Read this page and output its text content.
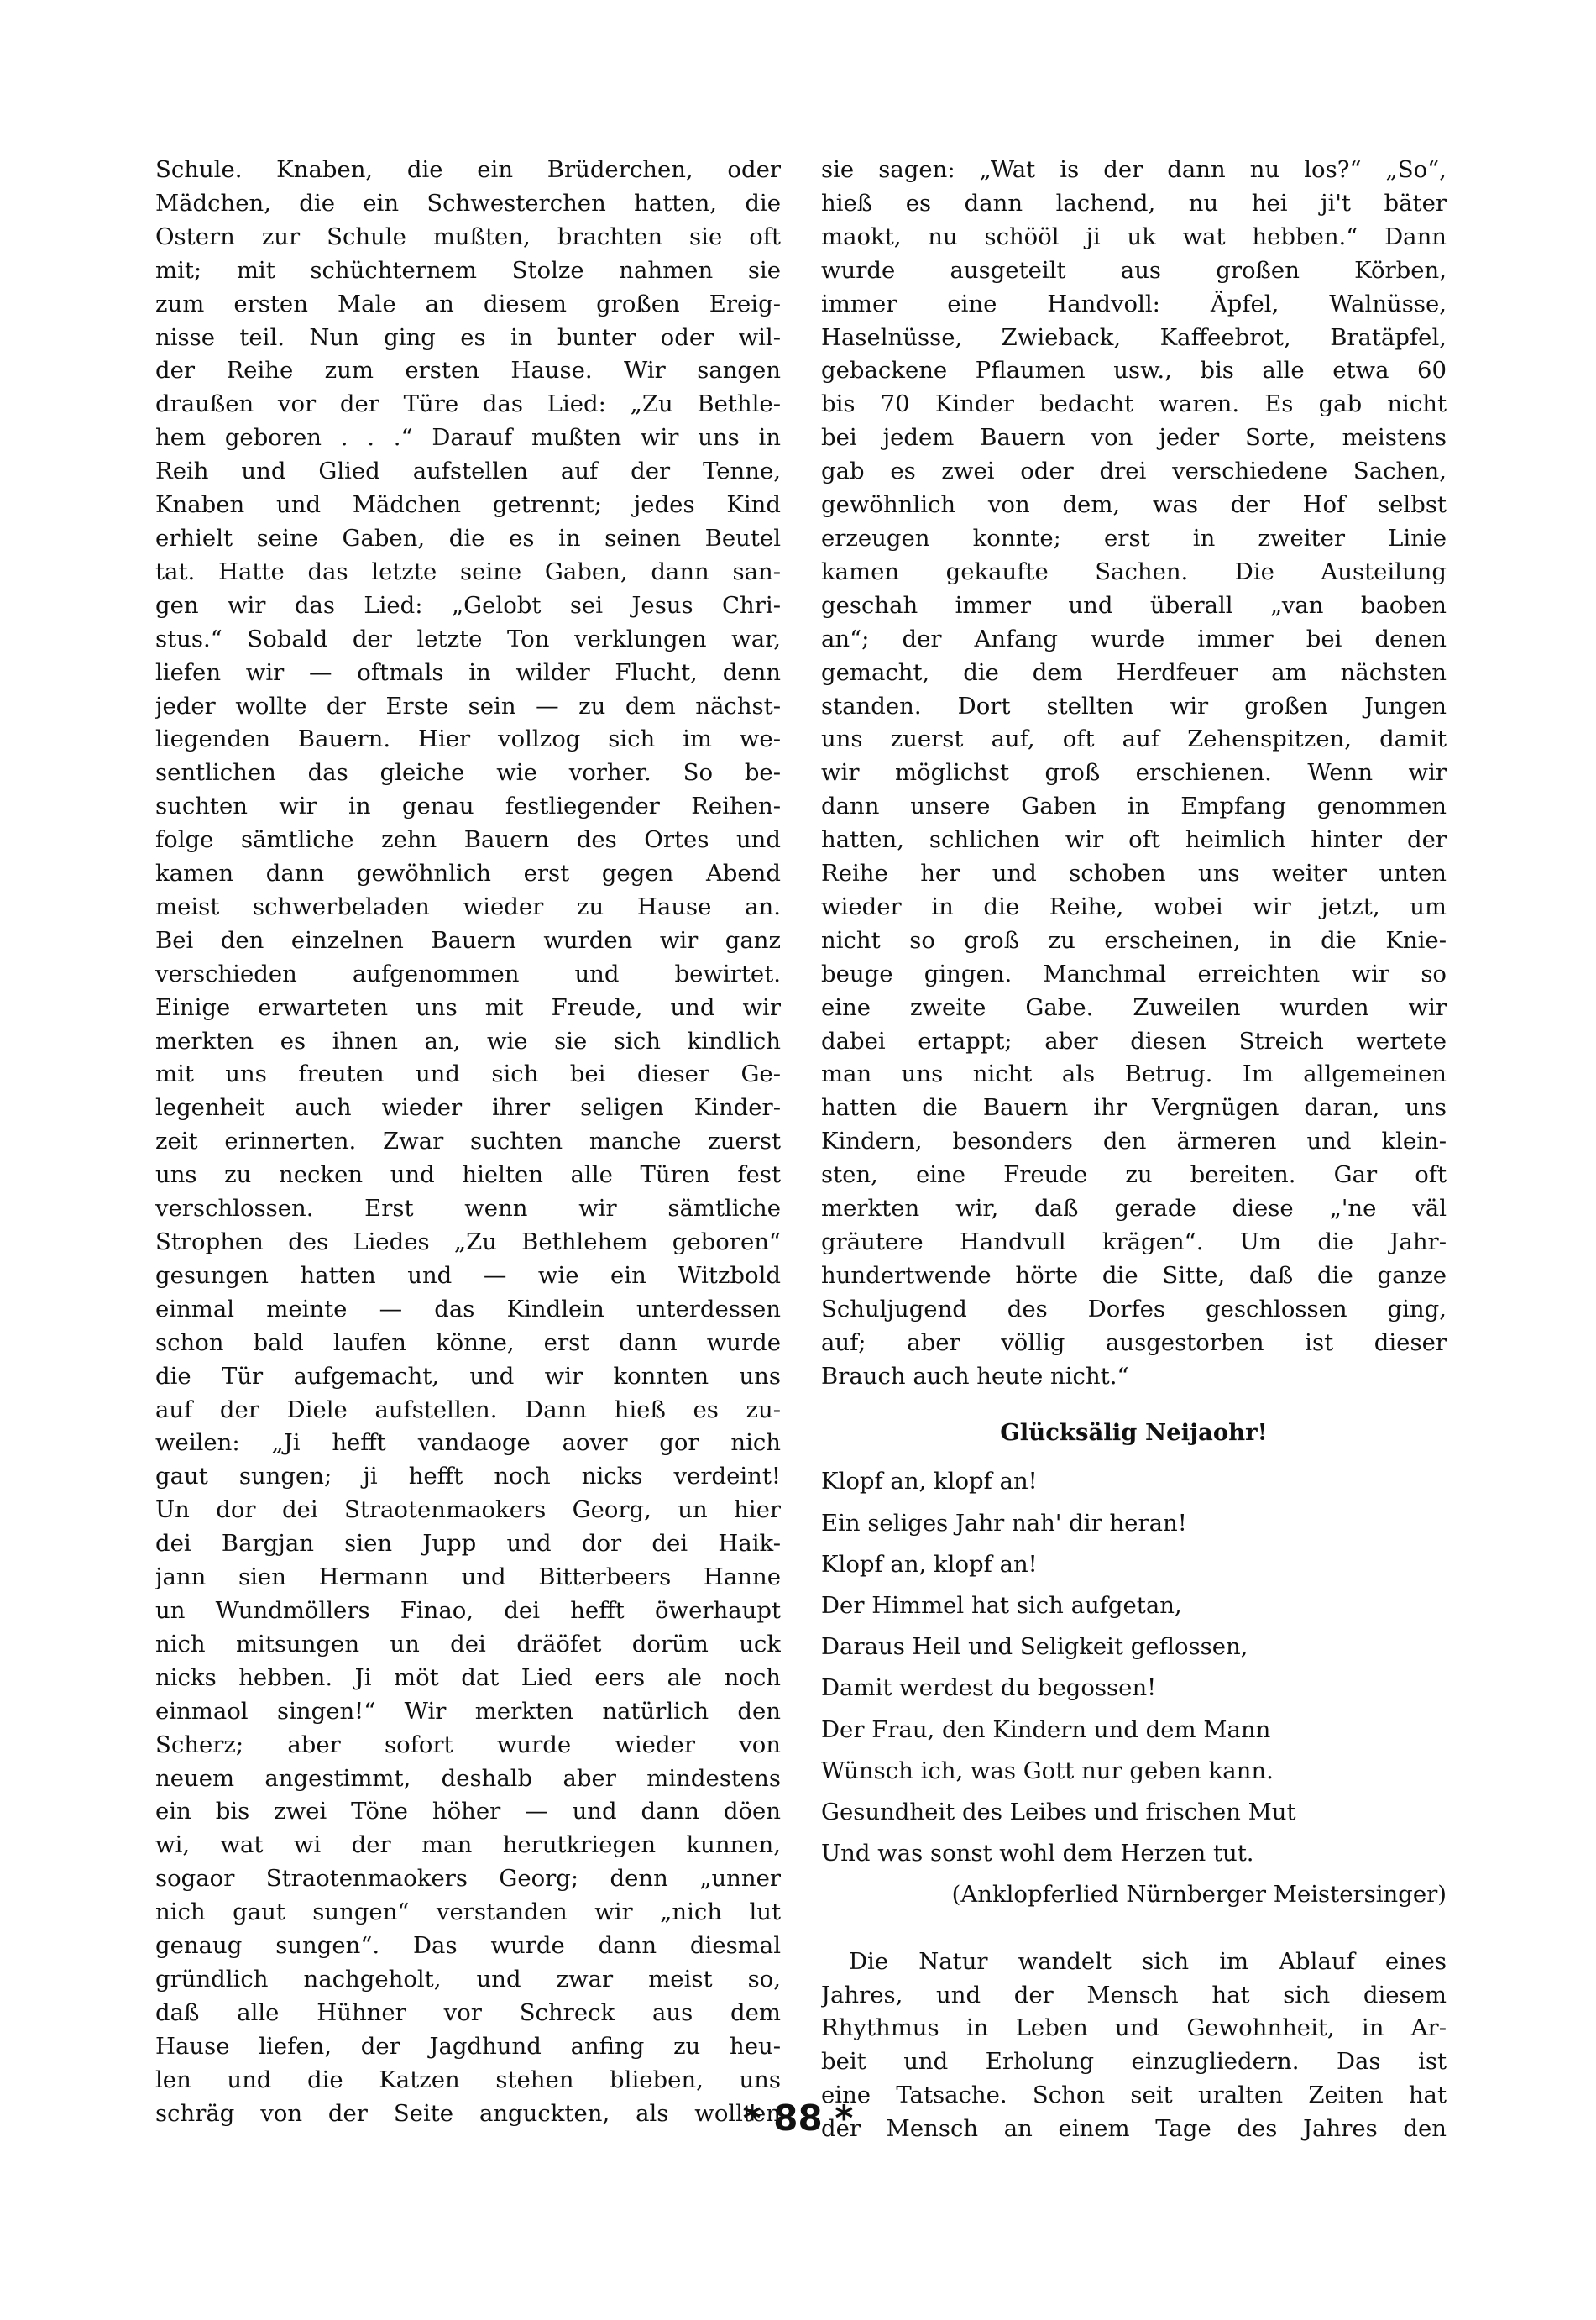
Schule. Knaben, die ein Brüderchen, oder

Mädchen, die ein Schwesterchen hatten, die

Ostern zur Schule mußten, brachten sie oft

mit; mit schüchternem Stolze nahmen sie

zum ersten Male an diesem großen Ereig-

nisse teil. Nun ging es in bunter oder wil-

der Reihe zum ersten Hause. Wir sangen

draußen vor der Türe das Lied: „Zu Bethle-

hem geboren . . .“ Darauf mußten wir uns in

Reih und Glied aufstellen auf der Tenne,

Knaben und Mädchen getrennt; jedes Kind

erhielt seine Gaben, die es in seinen Beutel

tat. Hatte das letzte seine Gaben, dann san-

gen wir das Lied: „Gelobt sei Jesus Chri-

stus.“ Sobald der letzte Ton verklungen war,

liefen wir — oftmals in wilder Flucht, denn

jeder wollte der Erste sein — zu dem nächst-

liegenden Bauern. Hier vollzog sich im we-

sentlichen das gleiche wie vorher. So be-

suchten wir in genau festliegender Reihen-

folge sämtliche zehn Bauern des Ortes und

kamen dann gewöhnlich erst gegen Abend

meist schwerbeladen wieder zu Hause an.

Bei den einzelnen Bauern wurden wir ganz

verschieden aufgenommen und bewirtet.

Einige erwarteten uns mit Freude, und wir

merkten es ihnen an, wie sie sich kindlich

mit uns freuten und sich bei dieser Ge-

legenheit auch wieder ihrer seligen Kinder-

zeit erinnerten. Zwar suchten manche zuerst

uns zu necken und hielten alle Türen fest

verschlossen. Erst wenn wir sämtliche

Strophen des Liedes „Zu Bethlehem geboren“

gesungen hatten und — wie ein Witzbold

einmal meinte — das Kindlein unterdessen

schon bald laufen könne, erst dann wurde

die Tür aufgemacht, und wir konnten uns

auf der Diele aufstellen. Dann hieß es zu-

weilen: „Ji hefft vandaoge aover gor nich

gaut sungen; ji hefft noch nicks verdeint!

Un dor dei Straotenmaokers Georg, un hier

dei Bargjan sien Jupp und dor dei Haik-

jann sien Hermann und Bitterbeers Hanne

un Wundmöllers Finao, dei hefft öwerhaupt

nich mitsungen un dei dräöfet dorüm uck

nicks hebben. Ji möt dat Lied eers ale noch

einmaol singen!“ Wir merkten natürlich den

Scherz; aber sofort wurde wieder von

neuem angestimmt, deshalb aber mindestens

ein bis zwei Töne höher — und dann döen

wi, wat wi der man herutkriegen kunnen,

sogaor Straotenmaokers Georg; denn „unner

nich gaut sungen“ verstanden wir „nich lut

genaug sungen“. Das wurde dann diesmal

gründlich nachgeholt, und zwar meist so,

daß alle Hühner vor Schreck aus dem

Hause liefen, der Jagdhund anfing zu heu-

len und die Katzen stehen blieben, uns

schräg von der Seite anguckten, als wollten

sie sagen: „Wat is der dann nu los?“ „So“,

hieß es dann lachend, nu hei ji't bäter

maokt, nu schööl ji uk wat hebben.“ Dann

wurde ausgeteilt aus großen Körben,

immer eine Handvoll: Äpfel, Walnüsse,

Haselnüsse, Zwieback, Kaffeebrot, Bratäpfel,

gebackene Pflaumen usw., bis alle etwa 60

bis 70 Kinder bedacht waren. Es gab nicht

bei jedem Bauern von jeder Sorte, meistens

gab es zwei oder drei verschiedene Sachen,

gewöhnlich von dem, was der Hof selbst

erzeugen konnte; erst in zweiter Linie

kamen gekaufte Sachen. Die Austeilung

geschah immer und überall „van baoben

an“; der Anfang wurde immer bei denen

gemacht, die dem Herdfeuer am nächsten

standen. Dort stellten wir großen Jungen

uns zuerst auf, oft auf Zehenspitzen, damit

wir möglichst groß erschienen. Wenn wir

dann unsere Gaben in Empfang genommen

hatten, schlichen wir oft heimlich hinter der

Reihe her und schoben uns weiter unten

wieder in die Reihe, wobei wir jetzt, um

nicht so groß zu erscheinen, in die Knie-

beuge gingen. Manchmal erreichten wir so

eine zweite Gabe. Zuweilen wurden wir

dabei ertappt; aber diesen Streich wertete

man uns nicht als Betrug. Im allgemeinen

hatten die Bauern ihr Vergnügen daran, uns

Kindern, besonders den ärmeren und klein-

sten, eine Freude zu bereiten. Gar oft

merkten wir, daß gerade diese „'ne väl

gräutere Handvull krägen“. Um die Jahr-

hundertwende hörte die Sitte, daß die ganze

Schuljugend des Dorfes geschlossen ging,

auf; aber völlig ausgestorben ist dieser

Brauch auch heute nicht.“

Glücksälig Neijaohr!

Klopf an, klopf an!

Ein seliges Jahr nah' dir heran!

Klopf an, klopf an!

Der Himmel hat sich aufgetan,

Daraus Heil und Seligkeit geflossen,

Damit werdest du begossen!

Der Frau, den Kindern und dem Mann

Wünsch ich, was Gott nur geben kann.

Gesundheit des Leibes und frischen Mut

Und was sonst wohl dem Herzen tut.

(Anklopferlied Nürnberger Meistersinger)

Die Natur wandelt sich im Ablauf eines

Jahres, und der Mensch hat sich diesem

Rhythmus in Leben und Gewohnheit, in Ar-

beit und Erholung einzugliedern. Das ist

eine Tatsache. Schon seit uralten Zeiten hat

der Mensch an einem Tage des Jahres den

* 88 *
